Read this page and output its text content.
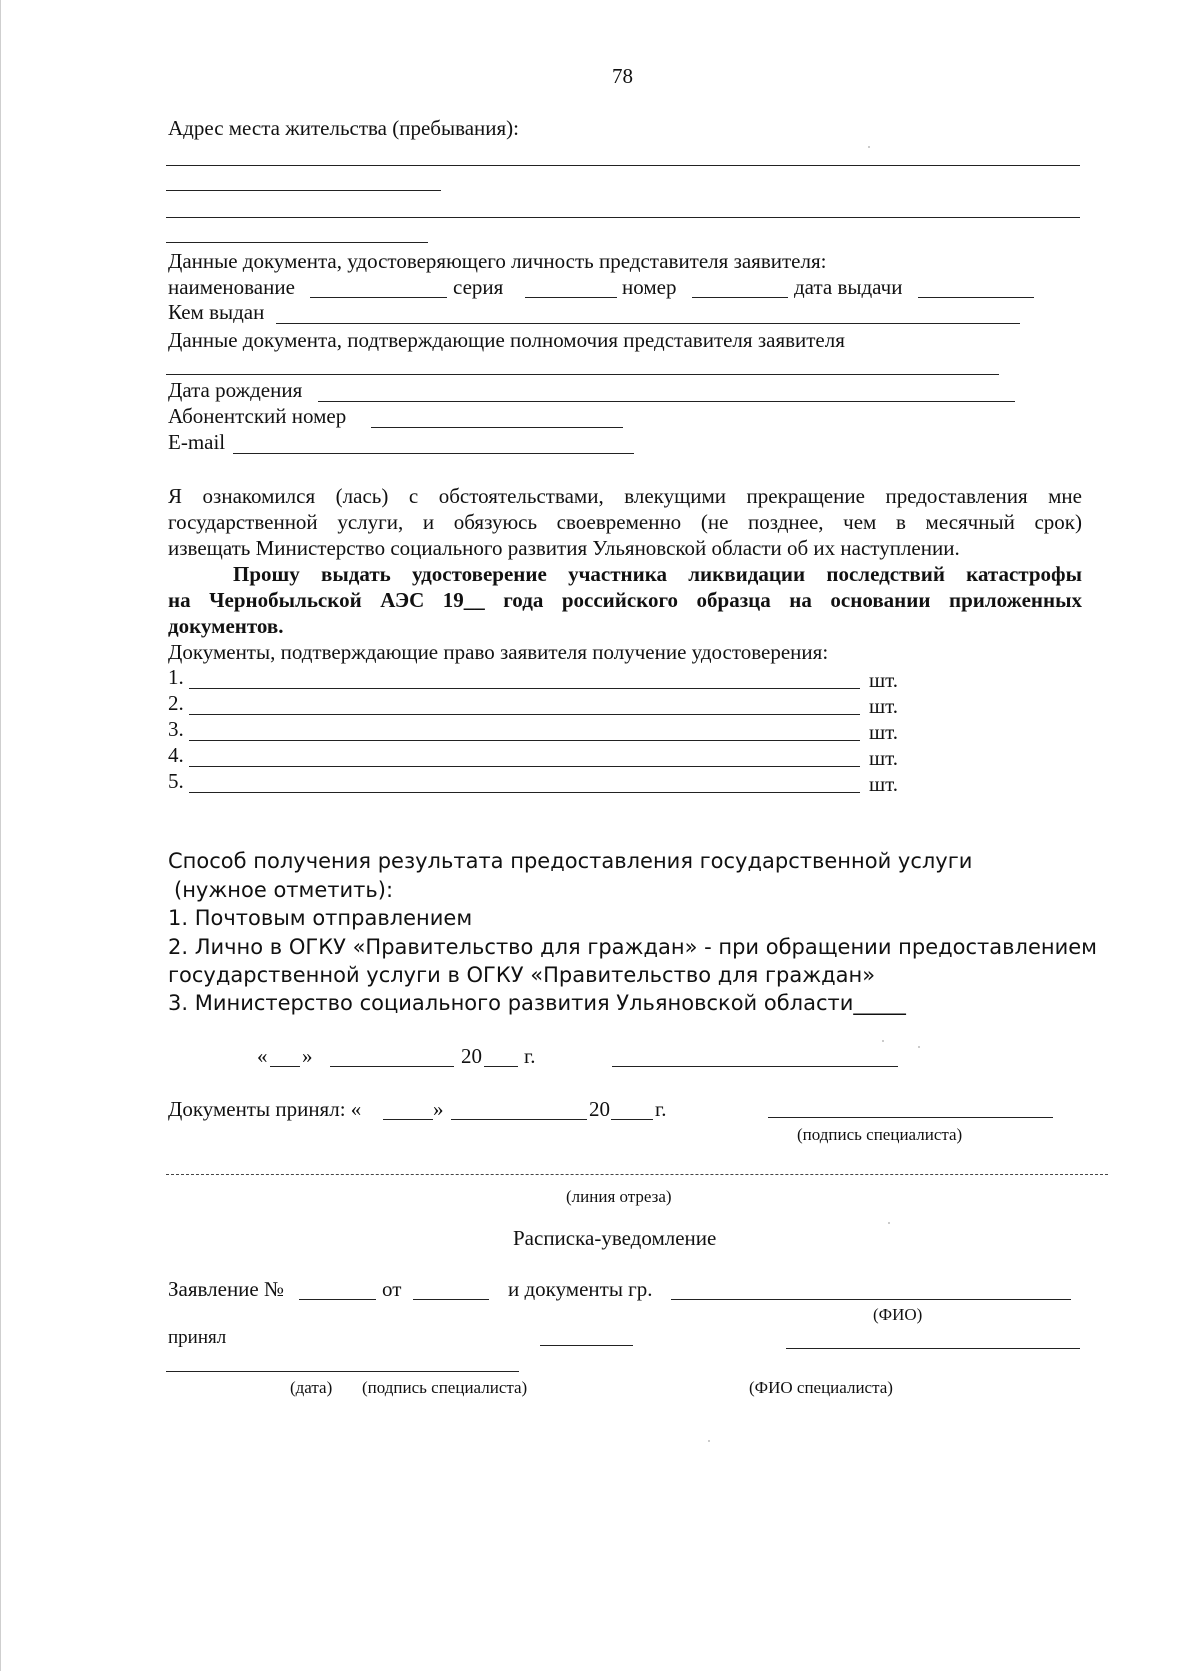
78
Адрес места жительства (пребывания):
Данные документа, удостоверяющего личность представителя заявителя:
наименование	серия	номер	дата выдачи
Кем выдан
Данные документа, подтверждающие полномочия представителя заявителя
Дата рождения
Абонентский номер
E-mail
Я ознакомился (лась) с обстоятельствами, влекущими прекращение предоставления мне
государственной услуги, и обязуюсь своевременно (не позднее, чем в месячный срок)
извещать Министерство социального развития Ульяновской области об их наступлении.
Прошу выдать удостоверение участника ликвидации последствий катастрофы
на Чернобыльской АЭС 19__ года российского образца на основании приложенных
документов.
Документы, подтверждающие право заявителя получение удостоверения:
1.	шт.
2.	шт.
3.	шт.
4.	шт.
5.	шт.
Способ получения результата предоставления государственной услуги
(нужное отметить):
1. Почтовым отправлением
2. Лично в ОГКУ «Правительство для граждан» - при обращении предоставлением
государственной услуги в ОГКУ «Правительство для граждан»
3. Министерство социального развития Ульяновской области_____
« »	20 г.
Документы принял: «	»	20 г.
(подпись специалиста)
(линия отреза)
Расписка-уведомление
Заявление №	от	и документы гр.
(ФИО)
принял
(дата) (подпись специалиста)	(ФИО специалиста)
